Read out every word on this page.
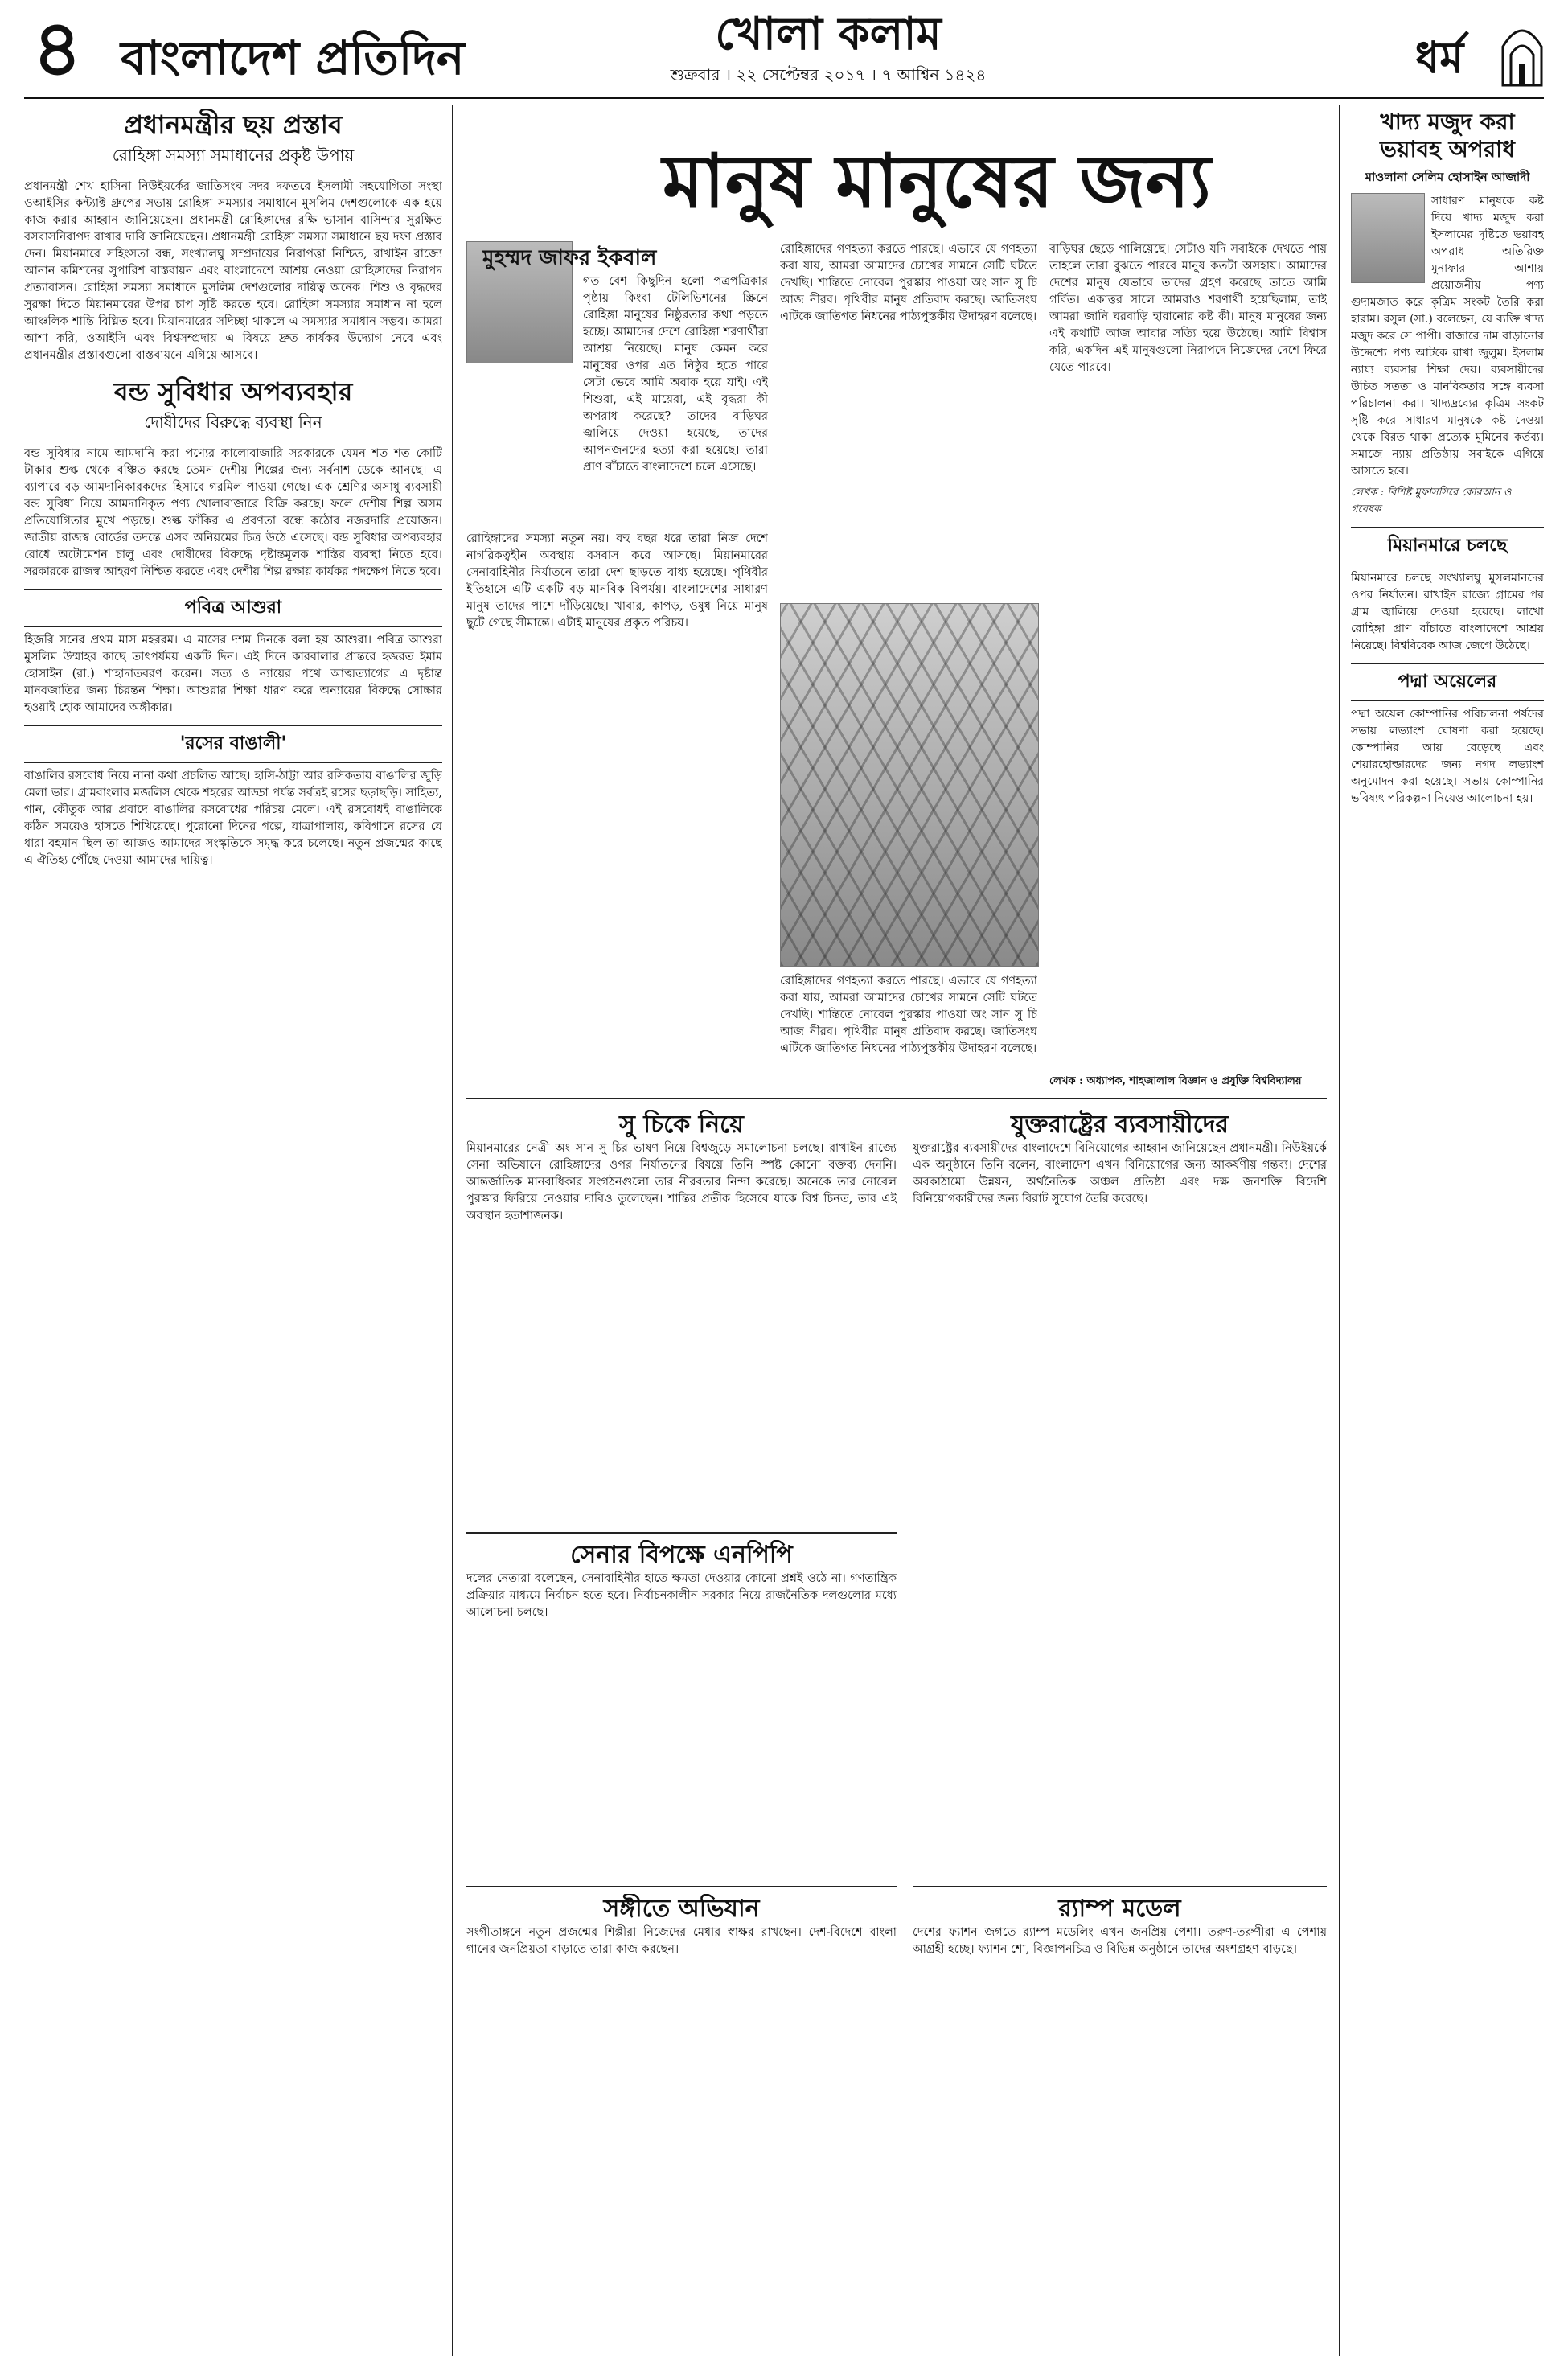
৪ বাংলাদেশ প্রতিদিন	খোলা কলাম
শুক্রবার । ২২ সেপ্টেম্বর ২০১৭ । ৭ আশ্বিন ১৪২৪	ধর্ম
প্রধানমন্ত্রীর ছয় প্রস্তাব
রোহিঙ্গা সমস্যা সমাধানের প্রকৃষ্ট উপায়
প্রধানমন্ত্রী শেখ হাসিনা নিউইয়র্কের জাতিসংঘ সদর দফতরে ইসলামী সহযোগিতা সংস্থা ওআইসির কন্ট্যাক্ট গ্রুপের সভায় রোহিঙ্গা সমস্যার সমাধানে মুসলিম দেশগুলোকে এক হয়ে কাজ করার আহ্বান জানিয়েছেন। প্রধানমন্ত্রী রোহিঙ্গাদের রক্ষি ভাসান বাসিন্দার সুরক্ষিত বসবাসনিরাপদ রাখার দাবি জানিয়েছেন। প্রধানমন্ত্রী রোহিঙ্গা সমস্যা সমাধানে ছয় দফা প্রস্তাব দেন। মিয়ানমারে সহিংসতা বন্ধ, সংখ্যালঘু সম্প্রদায়ের নিরাপত্তা নিশ্চিত, রাখাইন রাজ্যে আনান কমিশনের সুপারিশ বাস্তবায়ন এবং বাংলাদেশে আশ্রয় নেওয়া রোহিঙ্গাদের নিরাপদ প্রত্যাবাসন। রোহিঙ্গা সমস্যা সমাধানে মুসলিম দেশগুলোর দায়িত্ব অনেক। শিশু ও বৃদ্ধদের সুরক্ষা দিতে মিয়ানমারের উপর চাপ সৃষ্টি করতে হবে। রোহিঙ্গা সমস্যার সমাধান না হলে আঞ্চলিক শান্তি বিঘ্নিত হবে। মিয়ানমারের সদিচ্ছা থাকলে এ সমস্যার সমাধান সম্ভব। আমরা আশা করি, ওআইসি এবং বিশ্বসম্প্রদায় এ বিষয়ে দ্রুত কার্যকর উদ্যোগ নেবে এবং প্রধানমন্ত্রীর প্রস্তাবগুলো বাস্তবায়নে এগিয়ে আসবে।
বন্ড সুবিধার অপব্যবহার
দোষীদের বিরুদ্ধে ব্যবস্থা নিন
বন্ড সুবিধার নামে আমদানি করা পণ্যের কালোবাজারি সরকারকে যেমন শত শত কোটি টাকার শুল্ক থেকে বঞ্চিত করছে তেমন দেশীয় শিল্পের জন্য সর্বনাশ ডেকে আনছে। এ ব্যাপারে বড় আমদানিকারকদের হিসাবে গরমিল পাওয়া গেছে। এক শ্রেণির অসাধু ব্যবসায়ী বন্ড সুবিধা নিয়ে আমদানিকৃত পণ্য খোলাবাজারে বিক্রি করছে। ফলে দেশীয় শিল্প অসম প্রতিযোগিতার মুখে পড়ছে। শুল্ক ফাঁকির এ প্রবণতা বন্ধে কঠোর নজরদারি প্রয়োজন। জাতীয় রাজস্ব বোর্ডের তদন্তে এসব অনিয়মের চিত্র উঠে এসেছে। বন্ড সুবিধার অপব্যবহার রোধে অটোমেশন চালু এবং দোষীদের বিরুদ্ধে দৃষ্টান্তমূলক শাস্তির ব্যবস্থা নিতে হবে। সরকারকে রাজস্ব আহরণ নিশ্চিত করতে এবং দেশীয় শিল্প রক্ষায় কার্যকর পদক্ষেপ নিতে হবে।
পবিত্র আশুরা
হিজরি সনের প্রথম মাস মহররম। এ মাসের দশম দিনকে বলা হয় আশুরা। পবিত্র আশুরা মুসলিম উম্মাহর কাছে তাৎপর্যময় একটি দিন। এই দিনে কারবালার প্রান্তরে হজরত ইমাম হোসাইন (রা.) শাহাদাতবরণ করেন। সত্য ও ন্যায়ের পথে আত্মত্যাগের এ দৃষ্টান্ত মানবজাতির জন্য চিরন্তন শিক্ষা। আশুরার শিক্ষা ধারণ করে অন্যায়ের বিরুদ্ধে সোচ্চার হওয়াই হোক আমাদের অঙ্গীকার।
'রসের বাঙালী'
বাঙালির রসবোধ নিয়ে নানা কথা প্রচলিত আছে। হাসি-ঠাট্টা আর রসিকতায় বাঙালির জুড়ি মেলা ভার। গ্রামবাংলার মজলিস থেকে শহরের আড্ডা পর্যন্ত সর্বত্রই রসের ছড়াছড়ি। সাহিত্য, গান, কৌতুক আর প্রবাদে বাঙালির রসবোধের পরিচয় মেলে। এই রসবোধই বাঙালিকে কঠিন সময়েও হাসতে শিখিয়েছে। পুরোনো দিনের গল্পে, যাত্রাপালায়, কবিগানে রসের যে ধারা বহমান ছিল তা আজও আমাদের সংস্কৃতিকে সমৃদ্ধ করে চলেছে। নতুন প্রজন্মের কাছে এ ঐতিহ্য পৌঁছে দেওয়া আমাদের দায়িত্ব।
মানুষ মানুষের জন্য
মুহম্মদ জাফর ইকবাল
গত বেশ কিছুদিন হলো পত্রপত্রিকার পৃষ্ঠায় কিংবা টেলিভিশনের স্ক্রিনে রোহিঙ্গা মানুষের নিষ্ঠুরতার কথা পড়তে হচ্ছে। আমাদের দেশে রোহিঙ্গা শরণার্থীরা আশ্রয় নিয়েছে। মানুষ কেমন করে মানুষের ওপর এত নিষ্ঠুর হতে পারে সেটা ভেবে আমি অবাক হয়ে যাই। এই শিশুরা, এই মায়েরা, এই বৃদ্ধরা কী অপরাধ করেছে? তাদের বাড়িঘর জ্বালিয়ে দেওয়া হয়েছে, তাদের আপনজনদের হত্যা করা হয়েছে। তারা প্রাণ বাঁচাতে বাংলাদেশে চলে এসেছে।
রোহিঙ্গাদের সমস্যা নতুন নয়। বহু বছর ধরে তারা নিজ দেশে নাগরিকত্বহীন অবস্থায় বসবাস করে আসছে। মিয়ানমারের সেনাবাহিনীর নির্যাতনে তারা দেশ ছাড়তে বাধ্য হয়েছে। পৃথিবীর ইতিহাসে এটি একটি বড় মানবিক বিপর্যয়। বাংলাদেশের সাধারণ মানুষ তাদের পাশে দাঁড়িয়েছে। খাবার, কাপড়, ওষুধ নিয়ে মানুষ ছুটে গেছে সীমান্তে। এটাই মানুষের প্রকৃত পরিচয়।
রোহিঙ্গাদের গণহত্যা করতে পারছে। এভাবে যে গণহত্যা করা যায়, আমরা আমাদের চোখের সামনে সেটি ঘটতে দেখছি। শান্তিতে নোবেল পুরস্কার পাওয়া অং সান সু চি আজ নীরব। পৃথিবীর মানুষ প্রতিবাদ করছে। জাতিসংঘ এটিকে জাতিগত নিধনের পাঠ্যপুস্তকীয় উদাহরণ বলেছে।
রোহিঙ্গাদের গণহত্যা করতে পারছে। এভাবে যে গণহত্যা করা যায়, আমরা আমাদের চোখের সামনে সেটি ঘটতে দেখছি। শান্তিতে নোবেল পুরস্কার পাওয়া অং সান সু চি আজ নীরব। পৃথিবীর মানুষ প্রতিবাদ করছে। জাতিসংঘ এটিকে জাতিগত নিধনের পাঠ্যপুস্তকীয় উদাহরণ বলেছে।
বাড়িঘর ছেড়ে পালিয়েছে। সেটাও যদি সবাইকে দেখতে পায় তাহলে তারা বুঝতে পারবে মানুষ কতটা অসহায়। আমাদের দেশের মানুষ যেভাবে তাদের গ্রহণ করেছে তাতে আমি গর্বিত। একাত্তর সালে আমরাও শরণার্থী হয়েছিলাম, তাই আমরা জানি ঘরবাড়ি হারানোর কষ্ট কী। মানুষ মানুষের জন্য এই কথাটি আজ আবার সত্যি হয়ে উঠেছে। আমি বিশ্বাস করি, একদিন এই মানুষগুলো নিরাপদে নিজেদের দেশে ফিরে যেতে পারবে।
লেখক : অধ্যাপক, শাহজালাল বিজ্ঞান ও প্রযুক্তি বিশ্ববিদ্যালয়
সু চিকে নিয়ে
মিয়ানমারের নেত্রী অং সান সু চির ভাষণ নিয়ে বিশ্বজুড়ে সমালোচনা চলছে। রাখাইন রাজ্যে সেনা অভিযানে রোহিঙ্গাদের ওপর নির্যাতনের বিষয়ে তিনি স্পষ্ট কোনো বক্তব্য দেননি। আন্তর্জাতিক মানবাধিকার সংগঠনগুলো তার নীরবতার নিন্দা করেছে। অনেকে তার নোবেল পুরস্কার ফিরিয়ে নেওয়ার দাবিও তুলেছেন। শান্তির প্রতীক হিসেবে যাকে বিশ্ব চিনত, তার এই অবস্থান হতাশাজনক।
যুক্তরাষ্ট্রের ব্যবসায়ীদের
যুক্তরাষ্ট্রের ব্যবসায়ীদের বাংলাদেশে বিনিয়োগের আহ্বান জানিয়েছেন প্রধানমন্ত্রী। নিউইয়র্কে এক অনুষ্ঠানে তিনি বলেন, বাংলাদেশ এখন বিনিয়োগের জন্য আকর্ষণীয় গন্তব্য। দেশের অবকাঠামো উন্নয়ন, অর্থনৈতিক অঞ্চল প্রতিষ্ঠা এবং দক্ষ জনশক্তি বিদেশি বিনিয়োগকারীদের জন্য বিরাট সুযোগ তৈরি করেছে।
সেনার বিপক্ষে এনপিপি
দলের নেতারা বলেছেন, সেনাবাহিনীর হাতে ক্ষমতা দেওয়ার কোনো প্রশ্নই ওঠে না। গণতান্ত্রিক প্রক্রিয়ার মাধ্যমে নির্বাচন হতে হবে। নির্বাচনকালীন সরকার নিয়ে রাজনৈতিক দলগুলোর মধ্যে আলোচনা চলছে।
র‍্যাম্প মডেল
দেশের ফ্যাশন জগতে র‍্যাম্প মডেলিং এখন জনপ্রিয় পেশা। তরুণ-তরুণীরা এ পেশায় আগ্রহী হচ্ছে। ফ্যাশন শো, বিজ্ঞাপনচিত্র ও বিভিন্ন অনুষ্ঠানে তাদের অংশগ্রহণ বাড়ছে।
সঙ্গীতে অভিযান
সংগীতাঙ্গনে নতুন প্রজন্মের শিল্পীরা নিজেদের মেধার স্বাক্ষর রাখছেন। দেশ-বিদেশে বাংলা গানের জনপ্রিয়তা বাড়াতে তারা কাজ করছেন।
খাদ্য মজুদ করা ভয়াবহ অপরাধ
মাওলানা সেলিম হোসাইন আজাদী
সাধারণ মানুষকে কষ্ট দিয়ে খাদ্য মজুদ করা ইসলামের দৃষ্টিতে ভয়াবহ অপরাধ। অতিরিক্ত মুনাফার আশায় প্রয়োজনীয় পণ্য গুদামজাত করে কৃত্রিম সংকট তৈরি করা হারাম। রসুল (সা.) বলেছেন, যে ব্যক্তি খাদ্য মজুদ করে সে পাপী। বাজারে দাম বাড়ানোর উদ্দেশ্যে পণ্য আটকে রাখা জুলুম। ইসলাম ন্যায্য ব্যবসার শিক্ষা দেয়। ব্যবসায়ীদের উচিত সততা ও মানবিকতার সঙ্গে ব্যবসা পরিচালনা করা। খাদ্যদ্রব্যের কৃত্রিম সংকট সৃষ্টি করে সাধারণ মানুষকে কষ্ট দেওয়া থেকে বিরত থাকা প্রত্যেক মুমিনের কর্তব্য। সমাজে ন্যায় প্রতিষ্ঠায় সবাইকে এগিয়ে আসতে হবে।
লেখক : বিশিষ্ট মুফাসসিরে কোরআন ও গবেষক
মিয়ানমারে চলছে
মিয়ানমারে চলছে সংখ্যালঘু মুসলমানদের ওপর নির্যাতন। রাখাইন রাজ্যে গ্রামের পর গ্রাম জ্বালিয়ে দেওয়া হয়েছে। লাখো রোহিঙ্গা প্রাণ বাঁচাতে বাংলাদেশে আশ্রয় নিয়েছে। বিশ্ববিবেক আজ জেগে উঠেছে।
পদ্মা অয়েলের
পদ্মা অয়েল কোম্পানির পরিচালনা পর্ষদের সভায় লভ্যাংশ ঘোষণা করা হয়েছে। কোম্পানির আয় বেড়েছে এবং শেয়ারহোল্ডারদের জন্য নগদ লভ্যাংশ অনুমোদন করা হয়েছে। সভায় কোম্পানির ভবিষ্যৎ পরিকল্পনা নিয়েও আলোচনা হয়।
